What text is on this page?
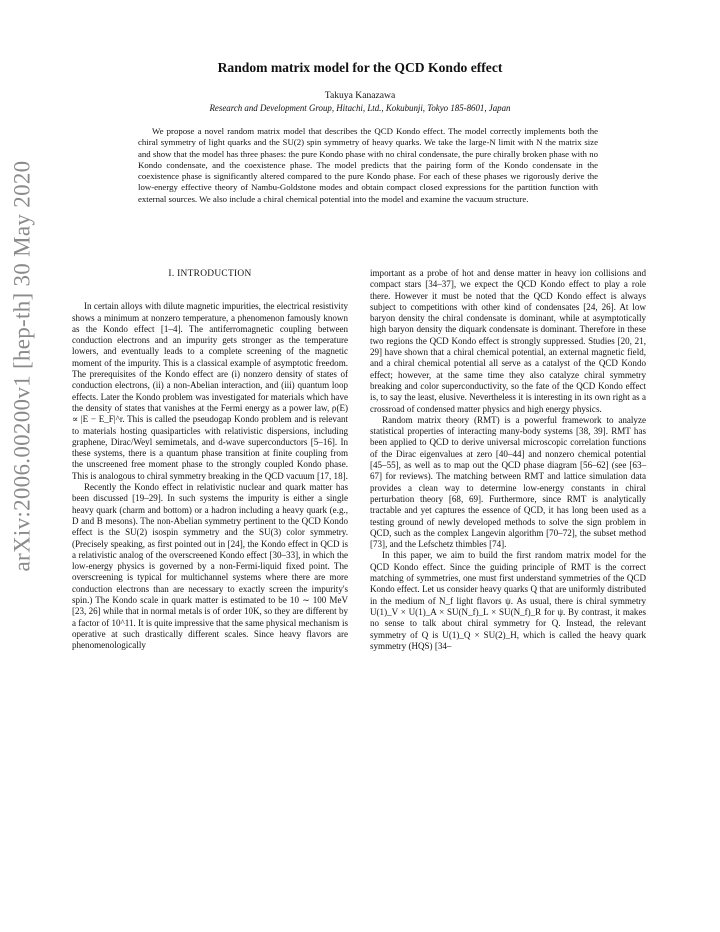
arXiv:2006.00200v1 [hep-th] 30 May 2020
Random matrix model for the QCD Kondo effect
Takuya Kanazawa
Research and Development Group, Hitachi, Ltd., Kokubunji, Tokyo 185-8601, Japan

We propose a novel random matrix model that describes the QCD Kondo effect. The model correctly implements both the chiral symmetry of light quarks and the SU(2) spin symmetry of heavy quarks. We take the large-N limit with N the matrix size and show that the model has three phases: the pure Kondo phase with no chiral condensate, the pure chirally broken phase with no Kondo condensate, and the coexistence phase. The model predicts that the pairing form of the Kondo condensate in the coexistence phase is significantly altered compared to the pure Kondo phase. For each of these phases we rigorously derive the low-energy effective theory of Nambu-Goldstone modes and obtain compact closed expressions for the partition function with external sources. We also include a chiral chemical potential into the model and examine the vacuum structure.

I. INTRODUCTION

In certain alloys with dilute magnetic impurities, the electrical resistivity shows a minimum at nonzero temperature, a phenomenon famously known as the Kondo effect [1–4]. The antiferromagnetic coupling between conduction electrons and an impurity gets stronger as the temperature lowers, and eventually leads to a complete screening of the magnetic moment of the impurity. This is a classical example of asymptotic freedom. The prerequisites of the Kondo effect are (i) nonzero density of states of conduction electrons, (ii) a non-Abelian interaction, and (iii) quantum loop effects. Later the Kondo problem was investigated for materials which have the density of states that vanishes at the Fermi energy as a power law, ρ(E) ∝ |E − E_F|^r. This is called the pseudogap Kondo problem and is relevant to materials hosting quasiparticles with relativistic dispersions, including graphene, Dirac/Weyl semimetals, and d-wave superconductors [5–16]. In these systems, there is a quantum phase transition at finite coupling from the unscreened free moment phase to the strongly coupled Kondo phase. This is analogous to chiral symmetry breaking in the QCD vacuum [17, 18].

Recently the Kondo effect in relativistic nuclear and quark matter has been discussed [19–29]. In such systems the impurity is either a single heavy quark (charm and bottom) or a hadron including a heavy quark (e.g., D and B mesons). The non-Abelian symmetry pertinent to the QCD Kondo effect is the SU(2) isospin symmetry and the SU(3) color symmetry. (Precisely speaking, as first pointed out in [24], the Kondo effect in QCD is a relativistic analog of the overscreened Kondo effect [30–33], in which the low-energy physics is governed by a non-Fermi-liquid fixed point. The overscreening is typical for multichannel systems where there are more conduction electrons than are necessary to exactly screen the impurity's spin.) The Kondo scale in quark matter is estimated to be 10 ∼ 100 MeV [23, 26] while that in normal metals is of order 10K, so they are different by a factor of 10^11. It is quite impressive that the same physical mechanism is operative at such drastically different scales. Since heavy flavors are phenomenologically

important as a probe of hot and dense matter in heavy ion collisions and compact stars [34–37], we expect the QCD Kondo effect to play a role there. However it must be noted that the QCD Kondo effect is always subject to competitions with other kind of condensates [24, 26]. At low baryon density the chiral condensate is dominant, while at asymptotically high baryon density the diquark condensate is dominant. Therefore in these two regions the QCD Kondo effect is strongly suppressed. Studies [20, 21, 29] have shown that a chiral chemical potential, an external magnetic field, and a chiral chemical potential all serve as a catalyst of the QCD Kondo effect; however, at the same time they also catalyze chiral symmetry breaking and color superconductivity, so the fate of the QCD Kondo effect is, to say the least, elusive. Nevertheless it is interesting in its own right as a crossroad of condensed matter physics and high energy physics.

Random matrix theory (RMT) is a powerful framework to analyze statistical properties of interacting many-body systems [38, 39]. RMT has been applied to QCD to derive universal microscopic correlation functions of the Dirac eigenvalues at zero [40–44] and nonzero chemical potential [45–55], as well as to map out the QCD phase diagram [56–62] (see [63–67] for reviews). The matching between RMT and lattice simulation data provides a clean way to determine low-energy constants in chiral perturbation theory [68, 69]. Furthermore, since RMT is analytically tractable and yet captures the essence of QCD, it has long been used as a testing ground of newly developed methods to solve the sign problem in QCD, such as the complex Langevin algorithm [70–72], the subset method [73], and the Lefschetz thimbles [74].

In this paper, we aim to build the first random matrix model for the QCD Kondo effect. Since the guiding principle of RMT is the correct matching of symmetries, one must first understand symmetries of the QCD Kondo effect. Let us consider heavy quarks Q that are uniformly distributed in the medium of N_f light flavors ψ. As usual, there is chiral symmetry U(1)_V × U(1)_A × SU(N_f)_L × SU(N_f)_R for ψ. By contrast, it makes no sense to talk about chiral symmetry for Q. Instead, the relevant symmetry of Q is U(1)_Q × SU(2)_H, which is called the heavy quark symmetry (HQS) [34–
